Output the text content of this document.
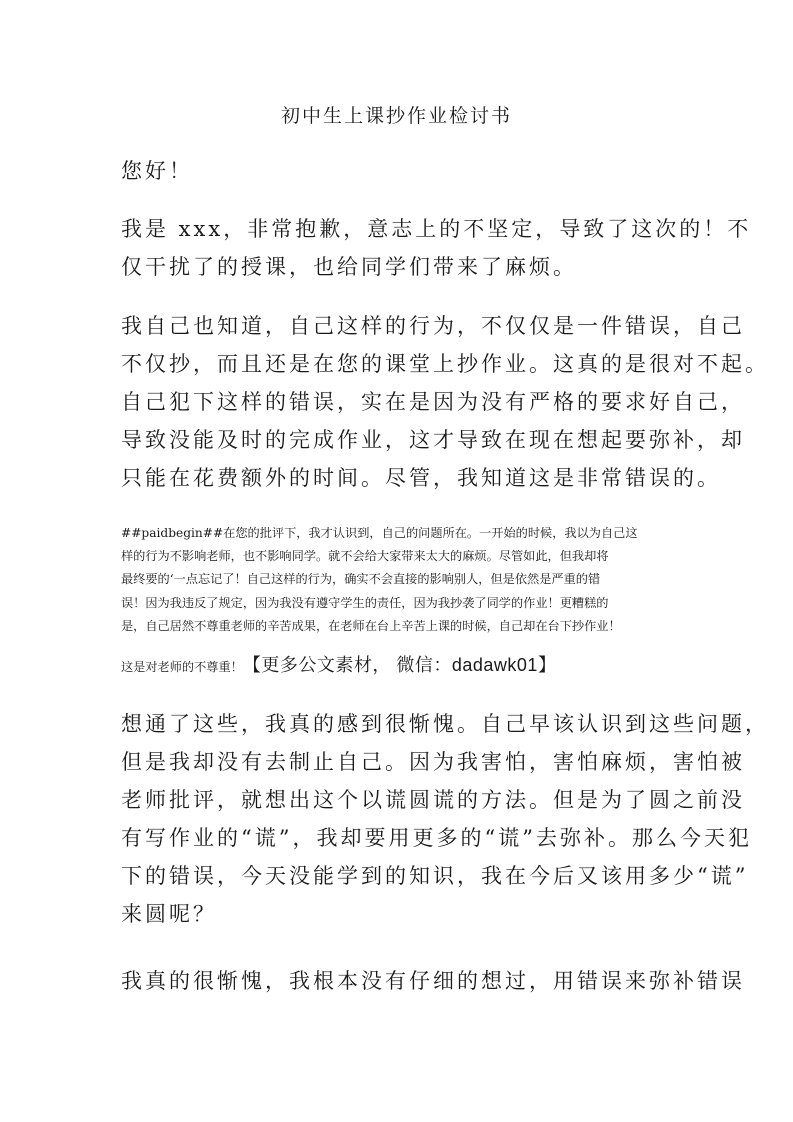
初中生上课抄作业检讨书

您好！

我是 xxx，非常抱歉，意志上的不坚定，导致了这次的！不
仅干扰了的授课，也给同学们带来了麻烦。

我自己也知道，自己这样的行为，不仅仅是一件错误，自己
不仅抄，而且还是在您的课堂上抄作业。这真的是很对不起。
自己犯下这样的错误，实在是因为没有严格的要求好自己，
导致没能及时的完成作业，这才导致在现在想起要弥补，却
只能在花费额外的时间。尽管，我知道这是非常错误的。

##paidbegin##在您的批评下，我才认识到，自己的问题所在。一开始的时候，我以为自己这
样的行为不影响老师，也不影响同学。就不会给大家带来太大的麻烦。尽管如此，但我却将
最终要的‘一点忘记了！自己这样的行为，确实不会直接的影响别人，但是依然是严重的错
误！因为我违反了规定，因为我没有遵守学生的责任，因为我抄袭了同学的作业！更糟糕的
是，自己居然不尊重老师的辛苦成果，在老师在台上辛苦上课的时候，自己却在台下抄作业！

这是对老师的不尊重！【更多公文素材， 微信：dadawk01】

想通了这些，我真的感到很惭愧。自己早该认识到这些问题，
但是我却没有去制止自己。因为我害怕，害怕麻烦，害怕被
老师批评，就想出这个以谎圆谎的方法。但是为了圆之前没
有写作业的“谎”，我却要用更多的“谎”去弥补。那么今天犯
下的错误，今天没能学到的知识，我在今后又该用多少“谎”
来圆呢？

我真的很惭愧，我根本没有仔细的想过，用错误来弥补错误
